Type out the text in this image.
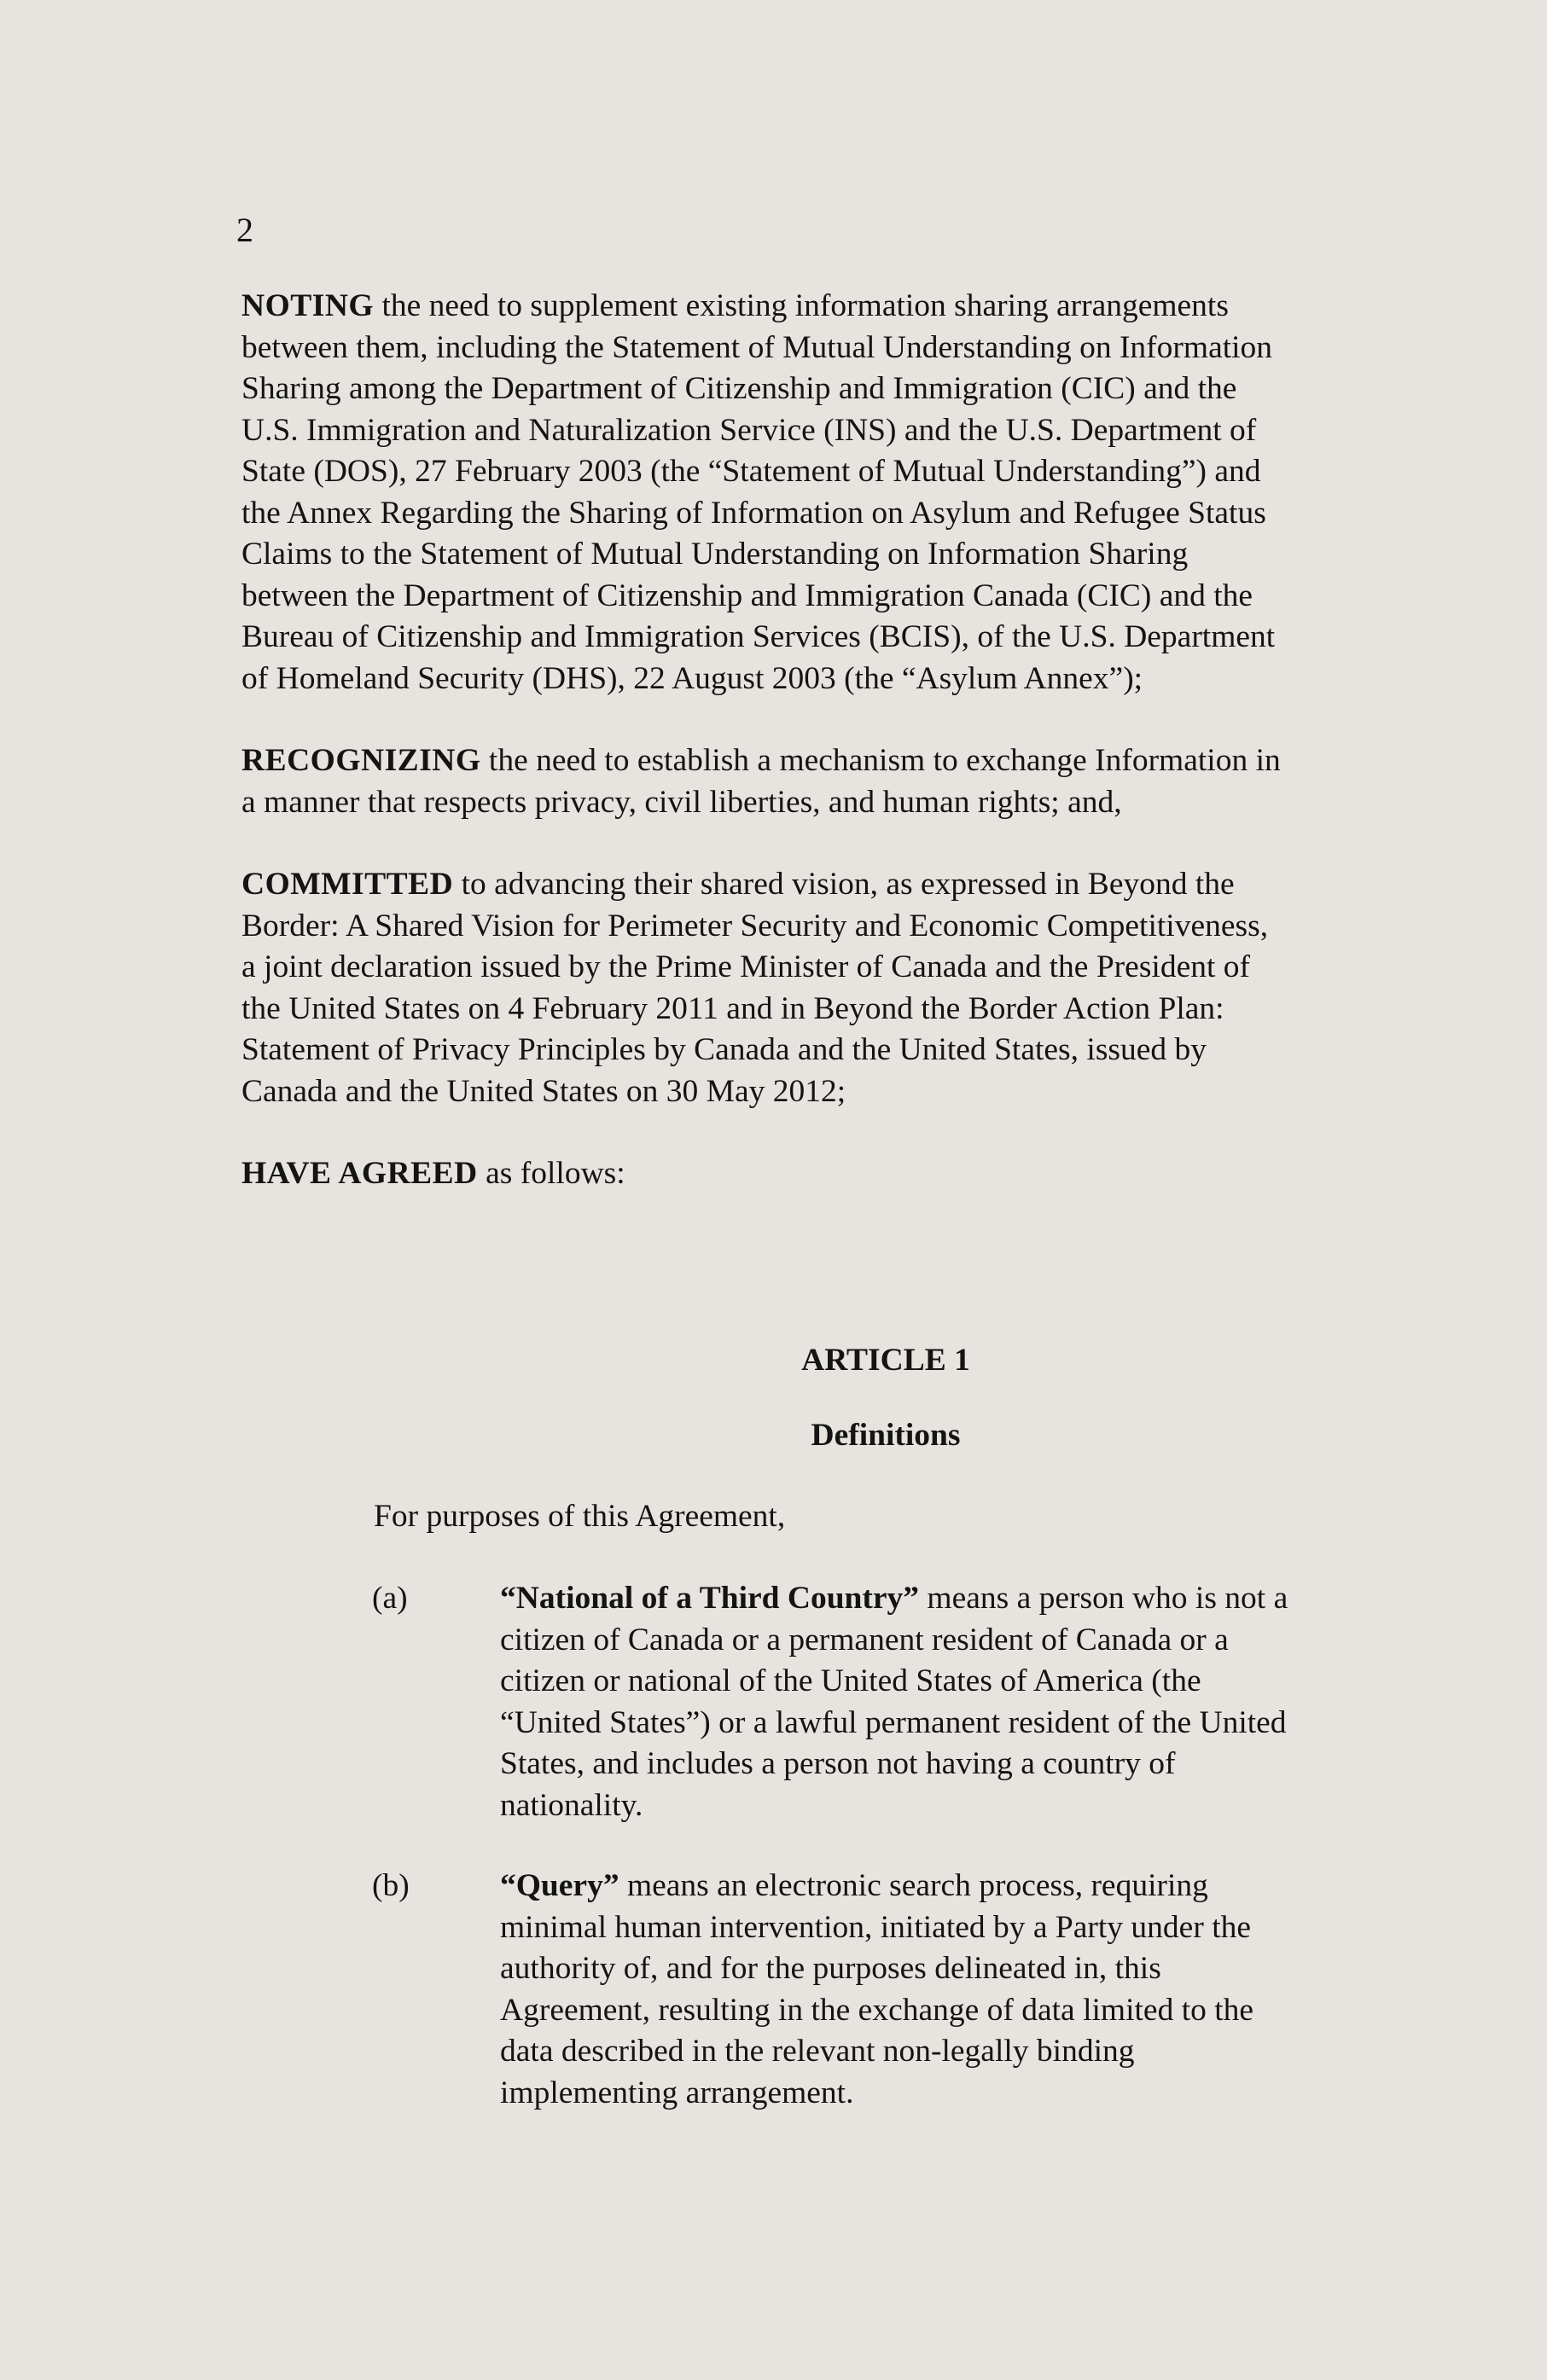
2

NOTING the need to supplement existing information sharing arrangements
between them, including the Statement of Mutual Understanding on Information
Sharing among the Department of Citizenship and Immigration (CIC) and the
U.S. Immigration and Naturalization Service (INS) and the U.S. Department of
State (DOS), 27 February 2003 (the “Statement of Mutual Understanding”) and
the Annex Regarding the Sharing of Information on Asylum and Refugee Status
Claims to the Statement of Mutual Understanding on Information Sharing
between the Department of Citizenship and Immigration Canada (CIC) and the
Bureau of Citizenship and Immigration Services (BCIS), of the U.S. Department
of Homeland Security (DHS), 22 August 2003 (the “Asylum Annex”);

RECOGNIZING the need to establish a mechanism to exchange Information in
a manner that respects privacy, civil liberties, and human rights; and,

COMMITTED to advancing their shared vision, as expressed in Beyond the
Border: A Shared Vision for Perimeter Security and Economic Competitiveness,
a joint declaration issued by the Prime Minister of Canada and the President of
the United States on 4 February 2011 and in Beyond the Border Action Plan:
Statement of Privacy Principles by Canada and the United States, issued by
Canada and the United States on 30 May 2012;

HAVE AGREED as follows:

ARTICLE 1
Definitions
For purposes of this Agreement,
(a)	“National of a Third Country” means a person who is not a
citizen of Canada or a permanent resident of Canada or a
citizen or national of the United States of America (the
“United States”) or a lawful permanent resident of the United
States, and includes a person not having a country of
nationality.
(b)	“Query” means an electronic search process, requiring
minimal human intervention, initiated by a Party under the
authority of, and for the purposes delineated in, this
Agreement, resulting in the exchange of data limited to the
data described in the relevant non-legally binding
implementing arrangement.
